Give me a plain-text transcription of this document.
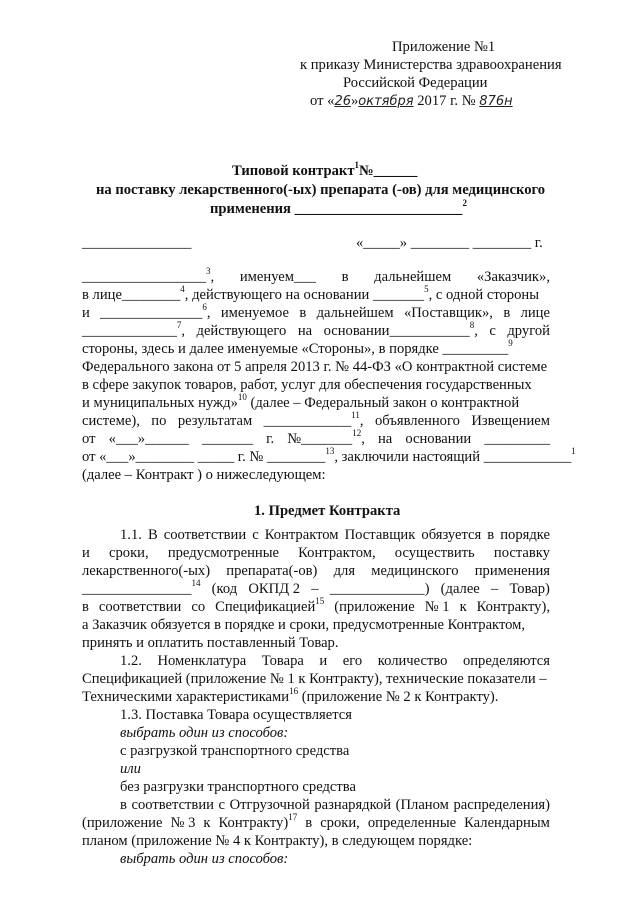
Приложение №1
к приказу Министерства здравоохранения
Российской Федерации
от «26»октября 2017 г. № 876н
Типовой контракт$^1$№______
на поставку лекарственного(-ых) препарата (-ов) для медицинского
применения _______________________$^2$
_______________	«_____» ________ ________ г.
_________________$^3$, именуем___ в дальнейшем «Заказчик»,
в лице________$^4$, действующего на основании _______$^5$, с одной стороны
и ______________$^6$, именуемое в дальнейшем «Поставщик», в лице
_____________$^7$, действующего на основании___________$^8$, с другой
стороны, здесь и далее именуемые «Стороны», в порядке _________$^9$
Федерального закона от 5 апреля 2013 г. № 44-ФЗ «О контрактной системе
в сфере закупок товаров, работ, услуг для обеспечения государственных
и муниципальных нужд»$^{10}$ (далее – Федеральный закон о контрактной
системе), по результатам ____________$^{11}$, объявленного Извещением
от «___»______ _______ г. №_______$^{12}$, на основании _________
от «___»________ _____ г. № ________$^{13}$, заключили настоящий ____________$^1$
(далее – Контракт ) о нижеследующем:
1. Предмет Контракта
1.1. В соответствии с Контрактом Поставщик обязуется в порядке
и сроки, предусмотренные Контрактом, осуществить поставку
лекарственного(-ых) препарата(-ов) для медицинского применения
_______________$^{14}$ (код ОКПД 2 – _____________) (далее – Товар)
в соответствии со Спецификацией$^{15}$ (приложение № 1 к Контракту),
а Заказчик обязуется в порядке и сроки, предусмотренные Контрактом,
принять и оплатить поставленный Товар.
1.2. Номенклатура Товара и его количество определяются
Спецификацией (приложение № 1 к Контракту), технические показатели –
Техническими характеристиками$^{16}$ (приложение № 2 к Контракту).
1.3. Поставка Товара осуществляется
выбрать один из способов:
с разгрузкой транспортного средства
или
без разгрузки транспортного средства
в соответствии с Отгрузочной разнарядкой (Планом распределения)
(приложение № 3 к Контракту)$^{17}$ в сроки, определенные Календарным
планом (приложение № 4 к Контракту), в следующем порядке:
выбрать один из способов:
